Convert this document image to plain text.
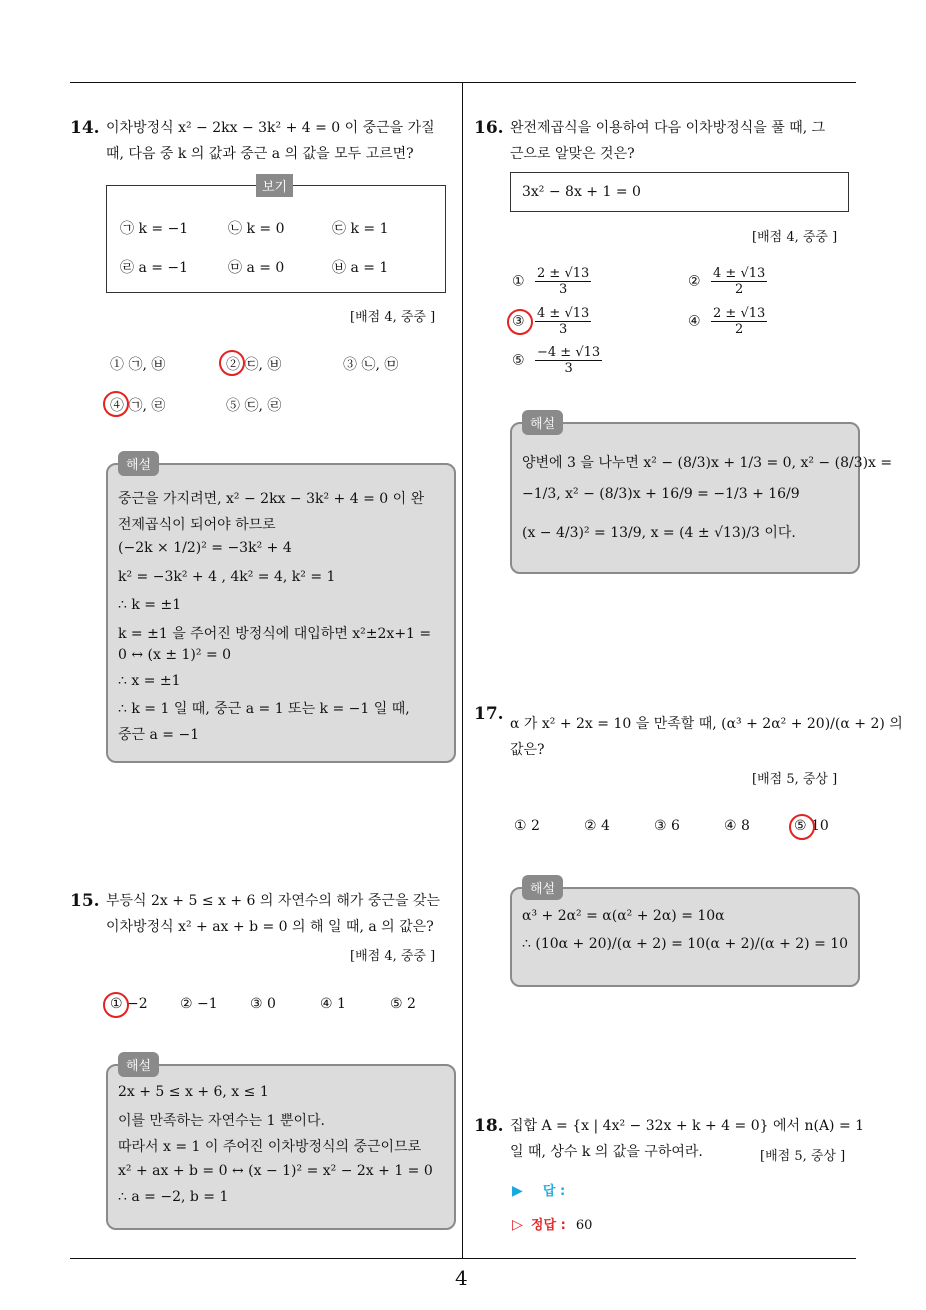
4
14. 이차방정식 x² − 2kx − 3k² + 4 = 0 이 중근을 가질
때, 다음 중 k 의 값과 중근 a 의 값을 모두 고르면?
보기
㉠ k = −1	㉡ k = 0	㉢ k = 1
㉣ a = −1	㉤ a = 0	㉥ a = 1
[배점 4, 중중 ]
① ㉠, ㉥	② ㉢, ㉥	③ ㉡, ㉤
④ ㉠, ㉣	⑤ ㉢, ㉣
해설
중근을 가지려면, x² − 2kx − 3k² + 4 = 0 이 완
전제곱식이 되어야 하므로
(−2k × 1/2)² = −3k² + 4
k² = −3k² + 4 , 4k² = 4, k² = 1
∴ k = ±1
k = ±1 을 주어진 방정식에 대입하면 x²±2x+1 =
0 ↔ (x ± 1)² = 0
∴ x = ±1
∴ k = 1 일 때, 중근 a = 1 또는 k = −1 일 때,
중근 a = −1
15. 부등식 2x + 5 ≤ x + 6 의 자연수의 해가 중근을 갖는
이차방정식 x² + ax + b = 0 의 해 일 때, a 의 값은?
[배점 4, 중중 ]
① −2 ② −1 ③ 0	④ 1	⑤ 2
해설
2x + 5 ≤ x + 6, x ≤ 1
이를 만족하는 자연수는 1 뿐이다.
따라서 x = 1 이 주어진 이차방정식의 중근이므로
x² + ax + b = 0 ↔ (x − 1)² = x² − 2x + 1 = 0
∴ a = −2, b = 1
16. 완전제곱식을 이용하여 다음 이차방정식을 풀 때, 그
근으로 알맞은 것은?
3x² − 8x + 1 = 0
[배점 4, 중중 ]
① $\frac{2 \pm √13}{3}$	② $\frac{4 \pm √13}{2}$
③ $\frac{4 \pm √13}{3}$	④ $\frac{2 \pm √13}{2}$
⑤ $\frac{-4 \pm √13}{3}$
해설
양변에 3 을 나누면 x² − (8/3)x + 1/3 = 0, x² − (8/3)x =
−1/3, x² − (8/3)x + 16/9 = −1/3 + 16/9
(x − 4/3)² = 13/9, x = (4 ± √13)/3 이다.
17. α 가 x² + 2x = 10 을 만족할 때, (α³ + 2α² + 20)/(α + 2) 의
값은?
[배점 5, 중상 ]
① 2	② 4	③ 6	④ 8	⑤ 10
해설
α³ + 2α² = α(α² + 2α) = 10α
∴ (10α + 20)/(α + 2) = 10(α + 2)/(α + 2) = 10
18. 집합 A = {x | 4x² − 32x + k + 4 = 0} 에서 n(A) = 1
일 때, 상수 k 의 값을 구하여라.	[배점 5, 중상 ]
▶ 답 :
▷ 정답 : 60
